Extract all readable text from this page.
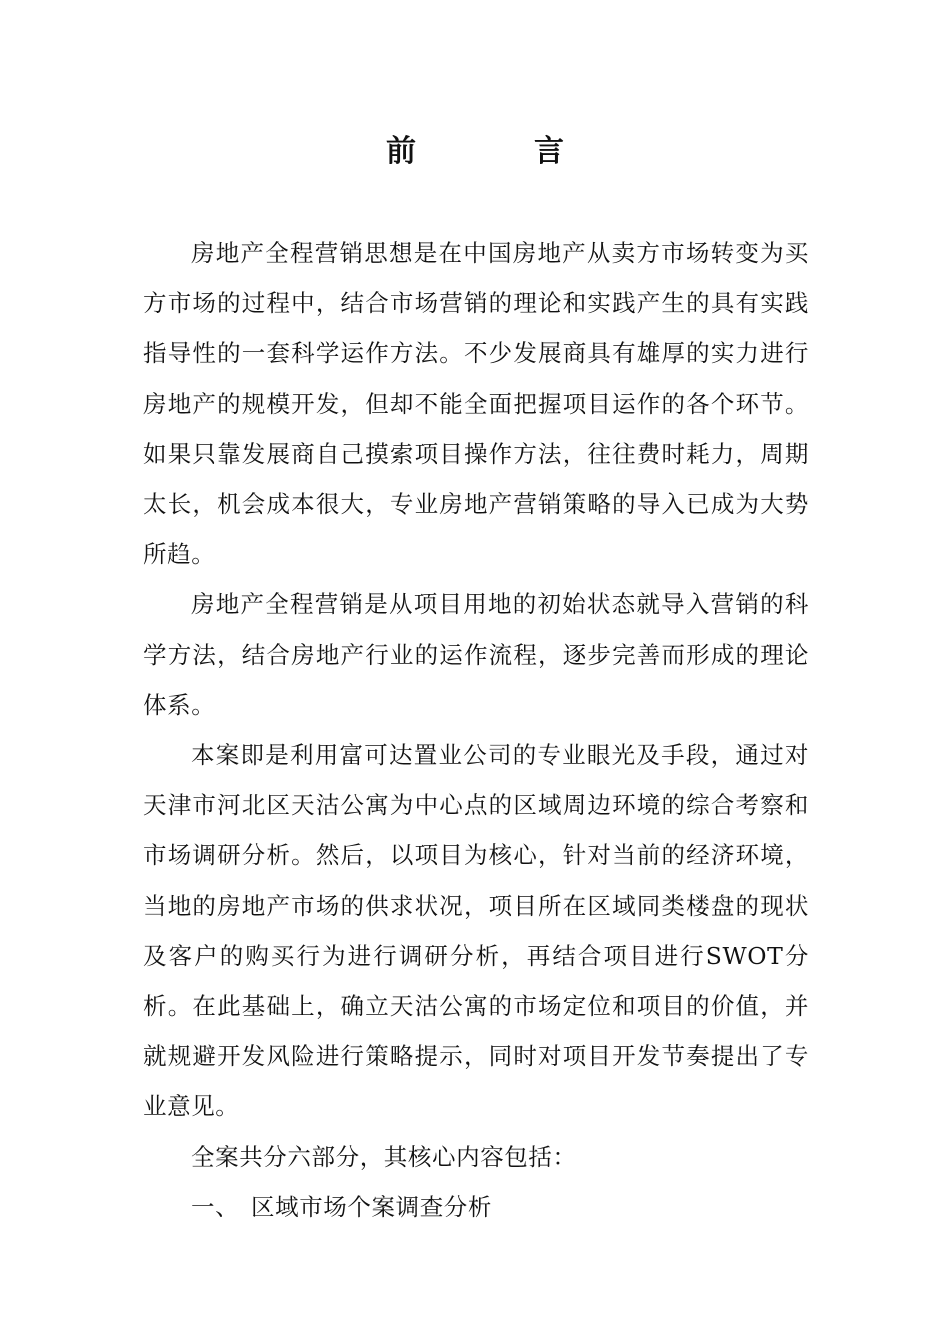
前　言

房地产全程营销思想是在中国房地产从卖方市场转变为买方市场的过程中，结合市场营销的理论和实践产生的具有实践指导性的一套科学运作方法。不少发展商具有雄厚的实力进行房地产的规模开发，但却不能全面把握项目运作的各个环节。如果只靠发展商自己摸索项目操作方法，往往费时耗力，周期太长，机会成本很大，专业房地产营销策略的导入已成为大势所趋。

房地产全程营销是从项目用地的初始状态就导入营销的科学方法，结合房地产行业的运作流程，逐步完善而形成的理论体系。

本案即是利用富可达置业公司的专业眼光及手段，通过对天津市河北区天沽公寓为中心点的区域周边环境的综合考察和市场调研分析。然后，以项目为核心，针对当前的经济环境，当地的房地产市场的供求状况，项目所在区域同类楼盘的现状及客户的购买行为进行调研分析，再结合项目进行SWOT分析。在此基础上，确立天沽公寓的市场定位和项目的价值，并就规避开发风险进行策略提示，同时对项目开发节奏提出了专业意见。

全案共分六部分，其核心内容包括：

一、 区域市场个案调查分析
